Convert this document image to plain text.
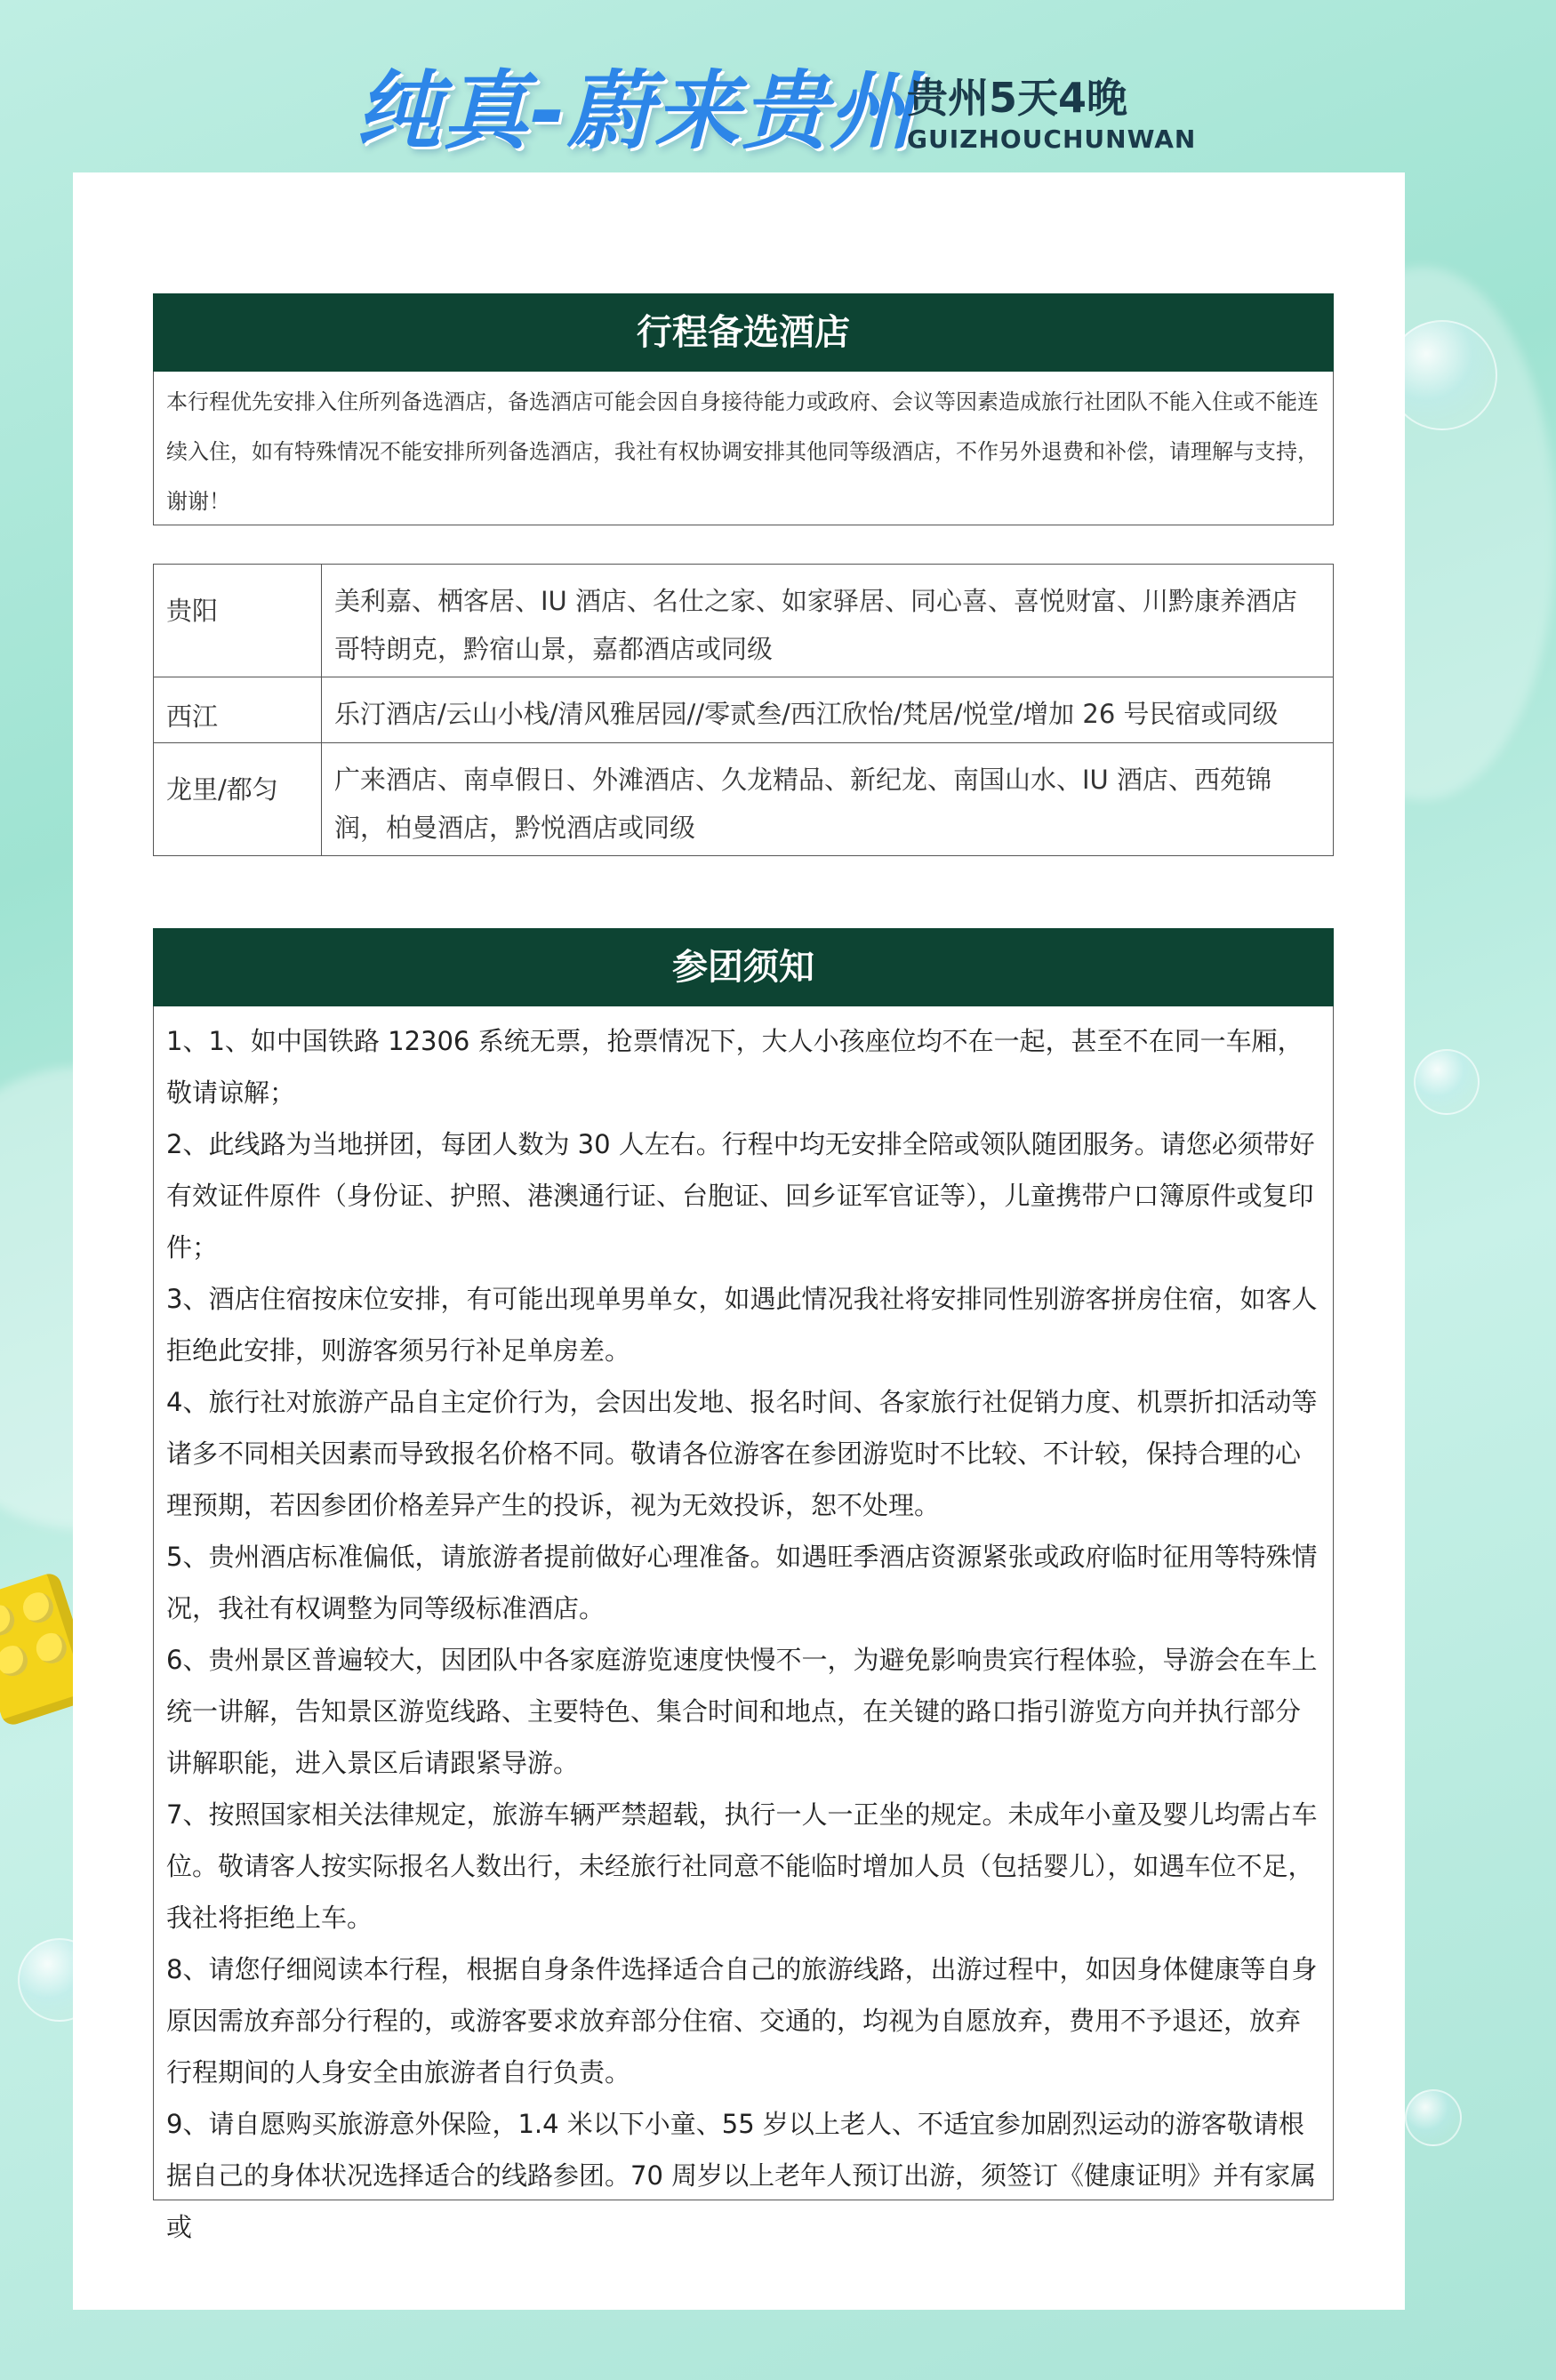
纯真-蔚来贵州
贵州5天4晚
GUIZHOUCHUNWAN
行程备选酒店
本行程优先安排入住所列备选酒店，备选酒店可能会因自身接待能力或政府、会议等因素造成旅行社团队不能入住或不能连续入住，如有特殊情况不能安排所列备选酒店，我社有权协调安排其他同等级酒店，不作另外退费和补偿，请理解与支持，谢谢！
贵阳	美利嘉、栖客居、IU 酒店、名仕之家、如家驿居、同心喜、喜悦财富、川黔康养酒店哥特朗克，黔宿山景，嘉都酒店或同级
西江	乐汀酒店/云山小栈/清风雅居园//零贰叁/西江欣怡/梵居/悦堂/增加 26 号民宿或同级
龙里/都匀	广来酒店、南卓假日、外滩酒店、久龙精品、新纪龙、南国山水、IU 酒店、西苑锦润，柏曼酒店，黔悦酒店或同级
参团须知

1、1、如中国铁路 12306 系统无票，抢票情况下，大人小孩座位均不在一起，甚至不在同一车厢，敬请谅解；

2、此线路为当地拼团，每团人数为 30 人左右。行程中均无安排全陪或领队随团服务。请您必须带好有效证件原件（身份证、护照、港澳通行证、台胞证、回乡证军官证等），儿童携带户口簿原件或复印件；

3、酒店住宿按床位安排，有可能出现单男单女，如遇此情况我社将安排同性别游客拼房住宿，如客人拒绝此安排，则游客须另行补足单房差。

4、旅行社对旅游产品自主定价行为，会因出发地、报名时间、各家旅行社促销力度、机票折扣活动等诸多不同相关因素而导致报名价格不同。敬请各位游客在参团游览时不比较、不计较，保持合理的心理预期，若因参团价格差异产生的投诉，视为无效投诉，恕不处理。

5、贵州酒店标准偏低，请旅游者提前做好心理准备。如遇旺季酒店资源紧张或政府临时征用等特殊情况，我社有权调整为同等级标准酒店。

6、贵州景区普遍较大，因团队中各家庭游览速度快慢不一，为避免影响贵宾行程体验，导游会在车上统一讲解，告知景区游览线路、主要特色、集合时间和地点，在关键的路口指引游览方向并执行部分讲解职能，进入景区后请跟紧导游。

7、按照国家相关法律规定，旅游车辆严禁超载，执行一人一正坐的规定。未成年小童及婴儿均需占车位。敬请客人按实际报名人数出行，未经旅行社同意不能临时增加人员（包括婴儿），如遇车位不足，我社将拒绝上车。

8、请您仔细阅读本行程，根据自身条件选择适合自己的旅游线路，出游过程中，如因身体健康等自身原因需放弃部分行程的，或游客要求放弃部分住宿、交通的，均视为自愿放弃，费用不予退还，放弃行程期间的人身安全由旅游者自行负责。

9、请自愿购买旅游意外保险，1.4 米以下小童、55 岁以上老人、不适宜参加剧烈运动的游客敬请根据自己的身体状况选择适合的线路参团。70 周岁以上老年人预订出游，须签订《健康证明》并有家属或
